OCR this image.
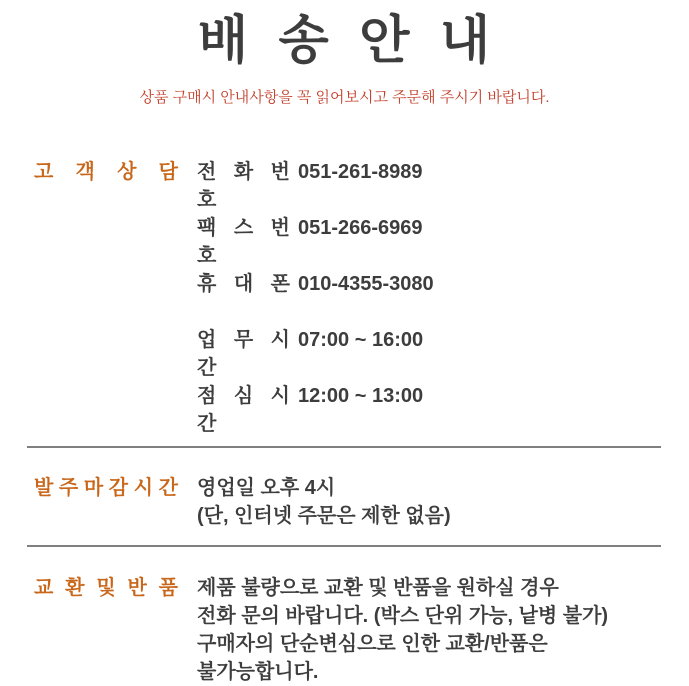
배 송 안 내

상품 구매시 안내사항을 꼭 읽어보시고 주문해 주시기 바랍니다.

고 객 상 담 전 화 번 호
051-261-8989
팩 스 번 호
051-266-6969
휴 대 폰 010-4355-3080
업 무 시 간
07:00 ~ 16:00
점 심 시 간
12:00 ~ 13:00
발 주 마 감 시 간 영업일 오후 4시
(단, 인터넷 주문은 제한 없음)
교 환 및 반 품 제품 불량으로 교환 및 반품을 원하실 경우
전화 문의 바랍니다. (박스 단위 가능, 낱병 불가)
구매자의 단순변심으로 인한 교환/반품은
불가능합니다.
